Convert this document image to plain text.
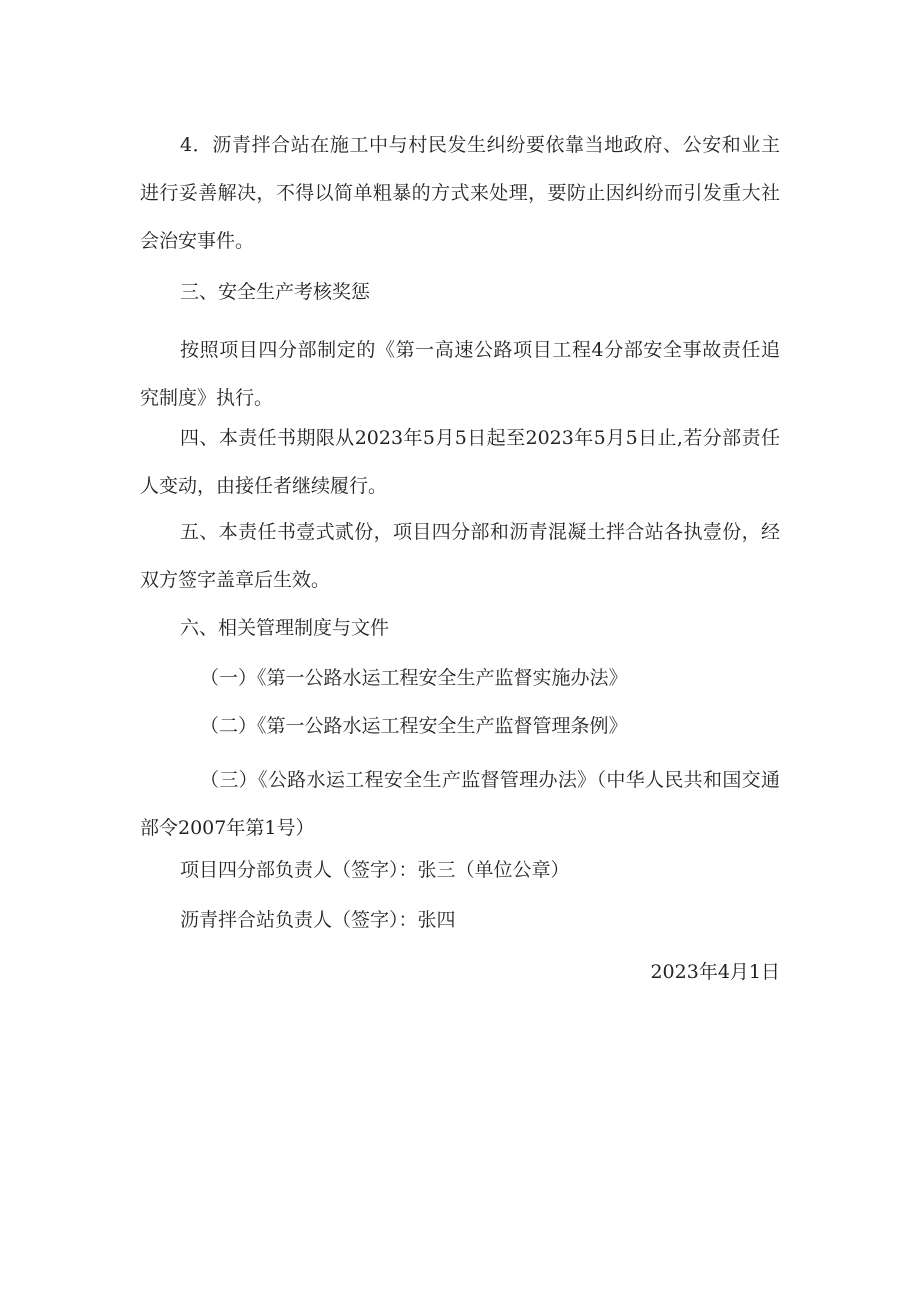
4．沥青拌合站在施工中与村民发生纠纷要依靠当地政府、公安和业主进行妥善解决，不得以简单粗暴的方式来处理，要防止因纠纷而引发重大社会治安事件。

三、安全生产考核奖惩

按照项目四分部制定的《第一高速公路项目工程4分部安全事故责任追究制度》执行。

四、本责任书期限从2023年5月5日起至2023年5月5日止,若分部责任人变动，由接任者继续履行。

五、本责任书壹式贰份，项目四分部和沥青混凝土拌合站各执壹份，经双方签字盖章后生效。

六、相关管理制度与文件

（一）《第一公路水运工程安全生产监督实施办法》

（二）《第一公路水运工程安全生产监督管理条例》

（三）《公路水运工程安全生产监督管理办法》（中华人民共和国交通部令2007年第1号）

项目四分部负责人（签字）：张三（单位公章）

沥青拌合站负责人（签字）：张四

2023年4月1日
